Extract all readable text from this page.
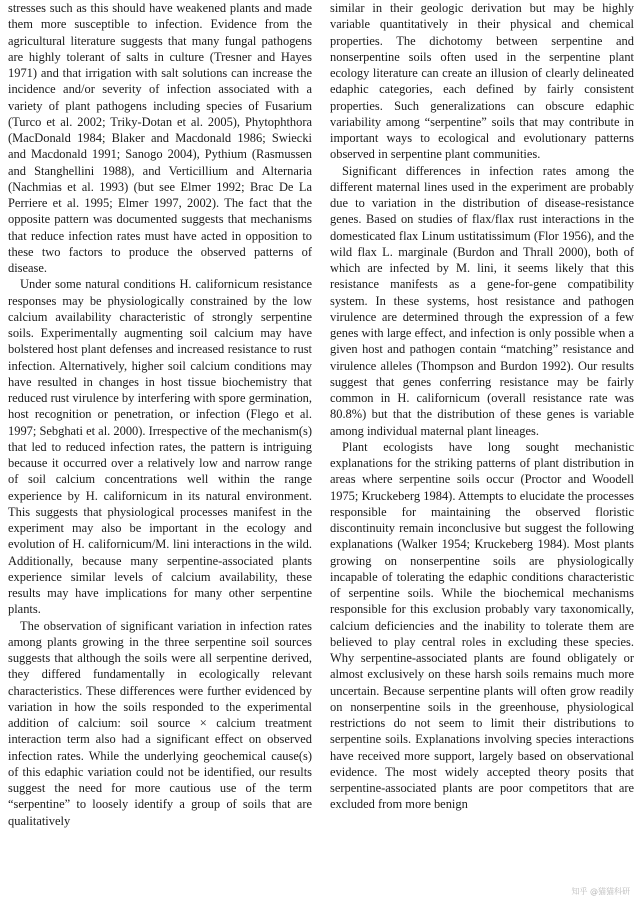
stresses such as this should have weakened plants and made them more susceptible to infection. Evidence from the agricultural literature suggests that many fungal pathogens are highly tolerant of salts in culture (Tresner and Hayes 1971) and that irrigation with salt solutions can increase the incidence and/or severity of infection associated with a variety of plant pathogens including species of Fusarium (Turco et al. 2002; Triky-Dotan et al. 2005), Phytophthora (MacDonald 1984; Blaker and Macdonald 1986; Swiecki and Macdonald 1991; Sanogo 2004), Pythium (Rasmussen and Stanghellini 1988), and Verticillium and Alternaria (Nachmias et al. 1993) (but see Elmer 1992; Brac De La Perriere et al. 1995; Elmer 1997, 2002). The fact that the opposite pattern was documented suggests that mechanisms that reduce infection rates must have acted in opposition to these two factors to produce the observed patterns of disease.

Under some natural conditions H. californicum resistance responses may be physiologically constrained by the low calcium availability characteristic of strongly serpentine soils. Experimentally augmenting soil calcium may have bolstered host plant defenses and increased resistance to rust infection. Alternatively, higher soil calcium conditions may have resulted in changes in host tissue biochemistry that reduced rust virulence by interfering with spore germination, host recognition or penetration, or infection (Flego et al. 1997; Sebghati et al. 2000). Irrespective of the mechanism(s) that led to reduced infection rates, the pattern is intriguing because it occurred over a relatively low and narrow range of soil calcium concentrations well within the range experience by H. californicum in its natural environment. This suggests that physiological processes manifest in the experiment may also be important in the ecology and evolution of H. californicum/M. lini interactions in the wild. Additionally, because many serpentine-associated plants experience similar levels of calcium availability, these results may have implications for many other serpentine plants.

The observation of significant variation in infection rates among plants growing in the three serpentine soil sources suggests that although the soils were all serpentine derived, they differed fundamentally in ecologically relevant characteristics. These differences were further evidenced by variation in how the soils responded to the experimental addition of calcium: soil source × calcium treatment interaction term also had a significant effect on observed infection rates. While the underlying geochemical cause(s) of this edaphic variation could not be identified, our results suggest the need for more cautious use of the term “serpentine” to loosely identify a group of soils that are qualitatively

similar in their geologic derivation but may be highly variable quantitatively in their physical and chemical properties. The dichotomy between serpentine and nonserpentine soils often used in the serpentine plant ecology literature can create an illusion of clearly delineated edaphic categories, each defined by fairly consistent properties. Such generalizations can obscure edaphic variability among “serpentine” soils that may contribute in important ways to ecological and evolutionary patterns observed in serpentine plant communities.

Significant differences in infection rates among the different maternal lines used in the experiment are probably due to variation in the distribution of disease-resistance genes. Based on studies of flax/flax rust interactions in the domesticated flax Linum ustitatissimum (Flor 1956), and the wild flax L. marginale (Burdon and Thrall 2000), both of which are infected by M. lini, it seems likely that this resistance manifests as a gene-for-gene compatibility system. In these systems, host resistance and pathogen virulence are determined through the expression of a few genes with large effect, and infection is only possible when a given host and pathogen contain “matching” resistance and virulence alleles (Thompson and Burdon 1992). Our results suggest that genes conferring resistance may be fairly common in H. californicum (overall resistance rate was 80.8%) but that the distribution of these genes is variable among individual maternal plant lineages.

Plant ecologists have long sought mechanistic explanations for the striking patterns of plant distribution in areas where serpentine soils occur (Proctor and Woodell 1975; Kruckeberg 1984). Attempts to elucidate the processes responsible for maintaining the observed floristic discontinuity remain inconclusive but suggest the following explanations (Walker 1954; Kruckeberg 1984). Most plants growing on nonserpentine soils are physiologically incapable of tolerating the edaphic conditions characteristic of serpentine soils. While the biochemical mechanisms responsible for this exclusion probably vary taxonomically, calcium deficiencies and the inability to tolerate them are believed to play central roles in excluding these species. Why serpentine-associated plants are found obligately or almost exclusively on these harsh soils remains much more uncertain. Because serpentine plants will often grow readily on nonserpentine soils in the greenhouse, physiological restrictions do not seem to limit their distributions to serpentine soils. Explanations involving species interactions have received more support, largely based on observational evidence. The most widely accepted theory posits that serpentine-associated plants are poor competitors that are excluded from more benign

知乎 @猫猫科研
